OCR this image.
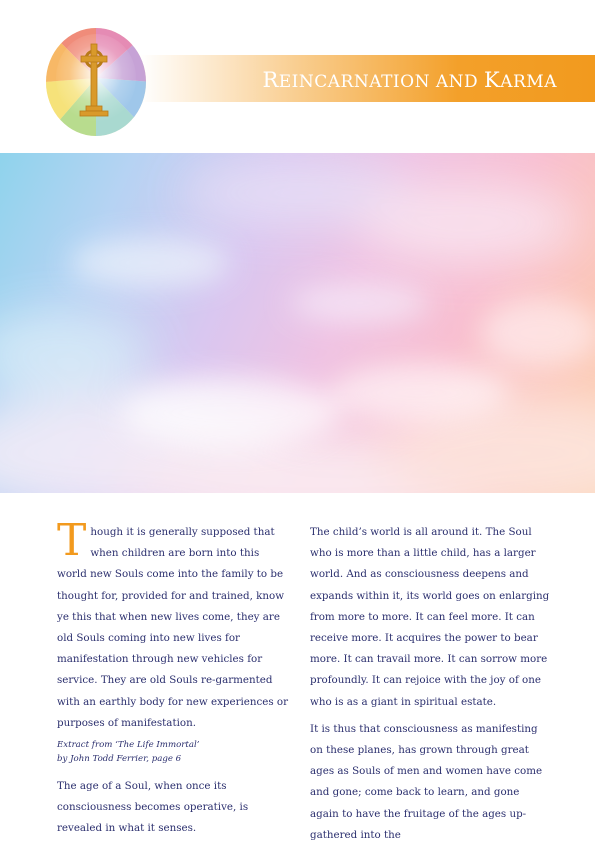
REINCARNATION AND KARMA

Though it is generally supposed that when children are born into this world new Souls come into the family to be thought for, provided for and trained, know ye this that when new lives come, they are old Souls coming into new lives for manifestation through new vehicles for service. They are old Souls re-garmented with an earthly body for new experiences or purposes of manifestation.

Extract from ‘The Life Immortal’
by John Todd Ferrier, page 6

The age of a Soul, when once its consciousness becomes operative, is revealed in what it senses.

The child’s world is all around it. The Soul who is more than a little child, has a larger world. And as consciousness deepens and expands within it, its world goes on enlarging from more to more. It can feel more. It can receive more. It acquires the power to bear more. It can travail more. It can sorrow more profoundly. It can rejoice with the joy of one who is as a giant in spiritual estate.

It is thus that consciousness as manifesting on these planes, has grown through great ages as Souls of men and women have come and gone; come back to learn, and gone again to have the fruitage of the ages up-gathered into the
